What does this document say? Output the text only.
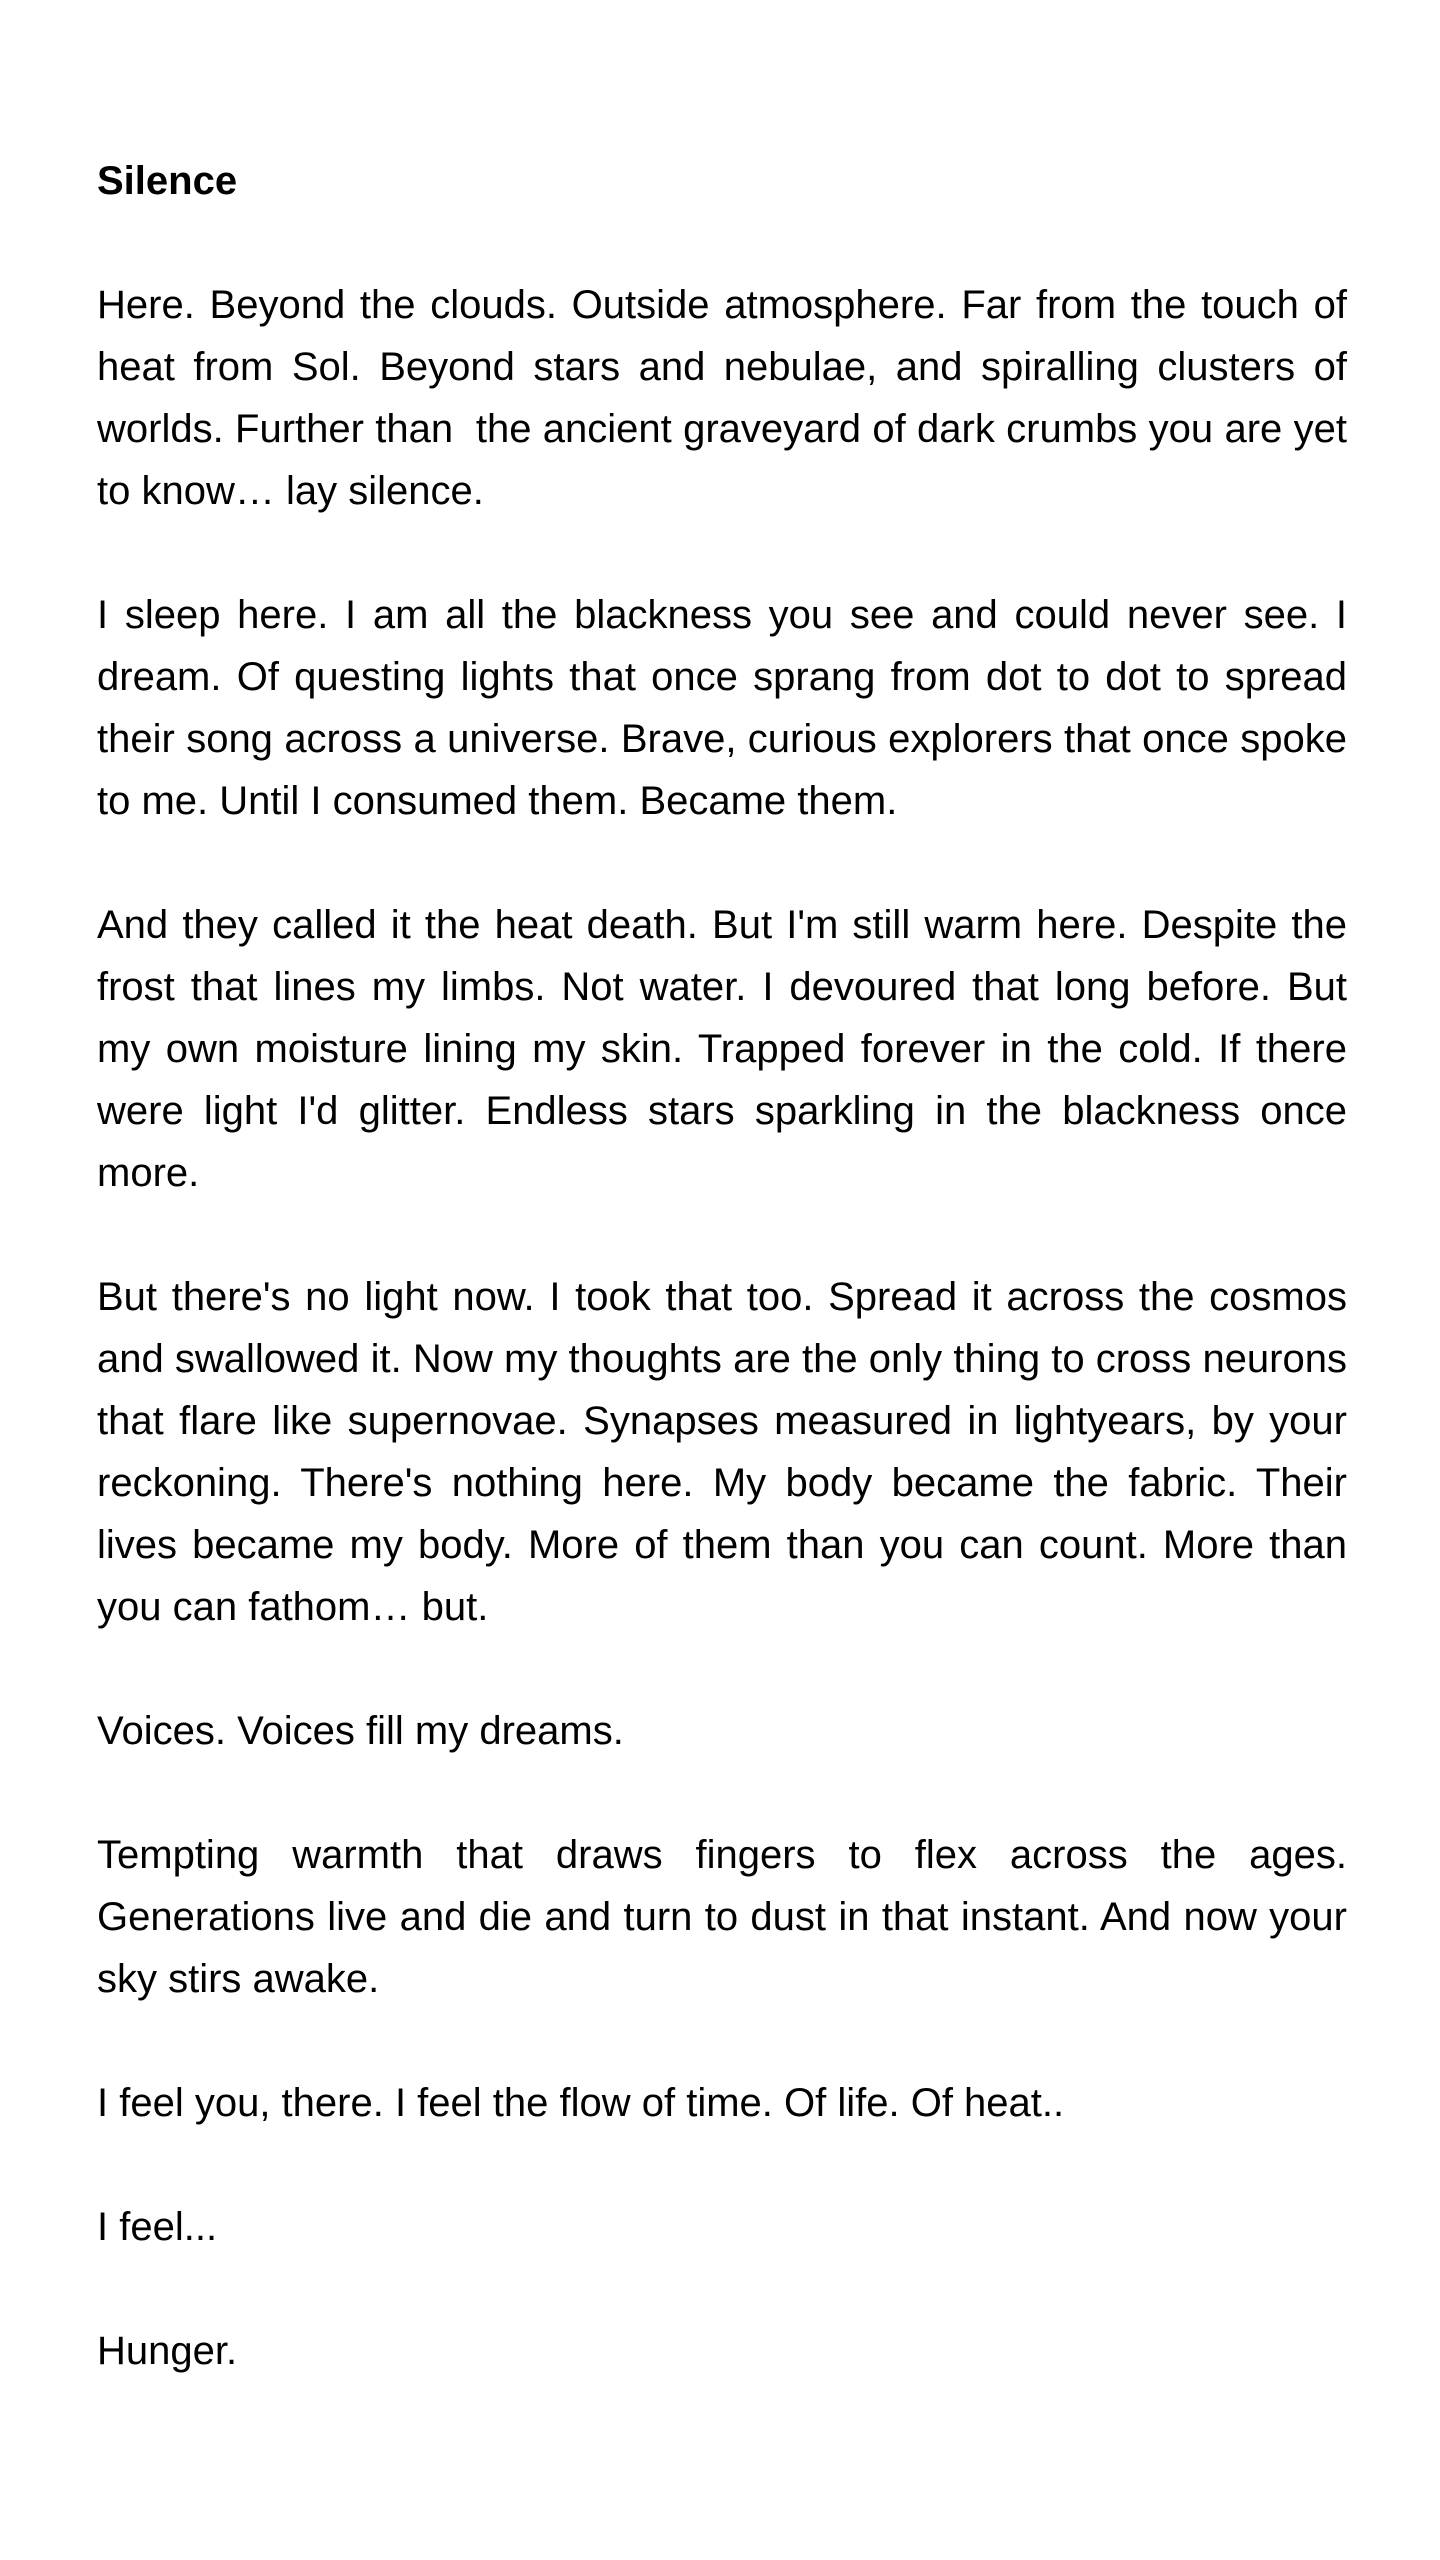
Silence

Here. Beyond the clouds. Outside atmosphere. Far from the touch of heat from Sol. Beyond stars and nebulae, and spiralling clusters of worlds. Further than  the ancient graveyard of dark crumbs you are yet to know… lay silence.

I sleep here. I am all the blackness you see and could never see. I dream. Of questing lights that once sprang from dot to dot to spread their song across a universe. Brave, curious explorers that once spoke to me. Until I consumed them. Became them.

And they called it the heat death. But I'm still warm here. Despite the frost that lines my limbs. Not water. I devoured that long before. But my own moisture lining my skin. Trapped forever in the cold. If there were light I'd glitter. Endless stars sparkling in the blackness once more.

But there's no light now. I took that too. Spread it across the cosmos and swallowed it. Now my thoughts are the only thing to cross neurons that flare like supernovae. Synapses measured in lightyears, by your reckoning. There's nothing here. My body became the fabric. Their lives became my body. More of them than you can count. More than you can fathom… but.

Voices. Voices fill my dreams.

Tempting warmth that draws fingers to flex across the ages. Generations live and die and turn to dust in that instant. And now your sky stirs awake.

I feel you, there. I feel the flow of time. Of life. Of heat..

I feel...

Hunger.
